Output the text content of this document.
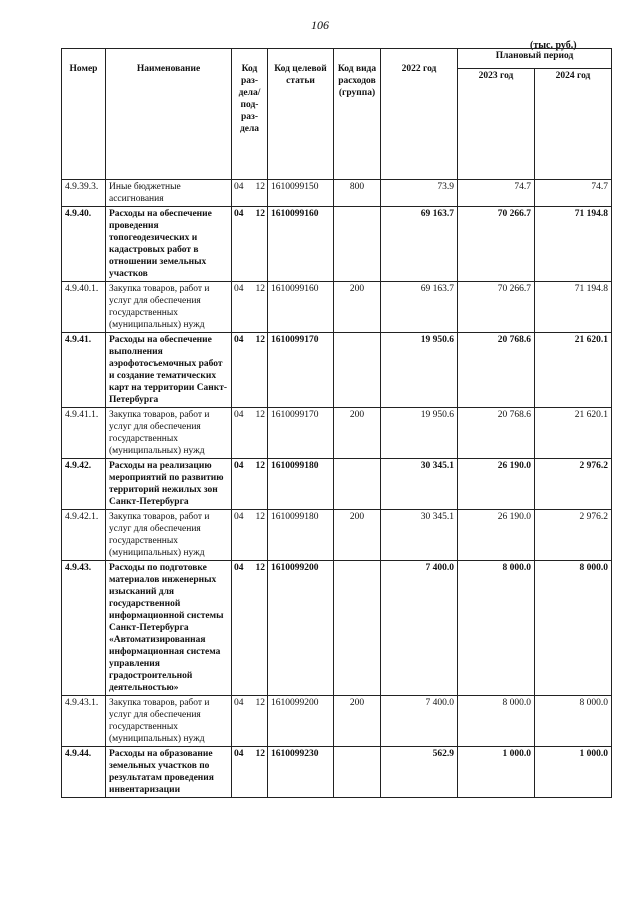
106
(тыс. руб.)
Номер	Наименование	Код раз-дела/ под-раз-дела	Код целевой статьи	Код вида расходов (группа)	2022 год	Плановый период	
						2023 год	2024 год
4.9.39.3.	Иные бюджетные ассигнования	04 12	1610099150	800	73.9	74.7	74.7
4.9.40.	Расходы на обеспечение проведения топогеодезических и кадастровых работ в отношении земельных участков	04 12	1610099160		69 163.7	70 266.7	71 194.8
4.9.40.1.	Закупка товаров, работ и услуг для обеспечения государственных (муниципальных) нужд	04 12	1610099160	200	69 163.7	70 266.7	71 194.8
4.9.41.	Расходы на обеспечение выполнения аэрофотосъемочных работ и создание тематических карт на территории Санкт-Петербурга	04 12	1610099170		19 950.6	20 768.6	21 620.1
4.9.41.1.	Закупка товаров, работ и услуг для обеспечения государственных (муниципальных) нужд	04 12	1610099170	200	19 950.6	20 768.6	21 620.1
4.9.42.	Расходы на реализацию мероприятий по развитию территорий нежилых зон Санкт-Петербурга	04 12	1610099180		30 345.1	26 190.0	2 976.2
4.9.42.1.	Закупка товаров, работ и услуг для обеспечения государственных (муниципальных) нужд	04 12	1610099180	200	30 345.1	26 190.0	2 976.2
4.9.43.	Расходы по подготовке материалов инженерных изысканий для государственной информационной системы Санкт-Петербурга «Автоматизированная информационная система управления градостроительной деятельностью»	04 12	1610099200		7 400.0	8 000.0	8 000.0
4.9.43.1.	Закупка товаров, работ и услуг для обеспечения государственных (муниципальных) нужд	04 12	1610099200	200	7 400.0	8 000.0	8 000.0
4.9.44.	Расходы на образование земельных участков по результатам проведения инвентаризации	04 12	1610099230		562.9	1 000.0	1 000.0
